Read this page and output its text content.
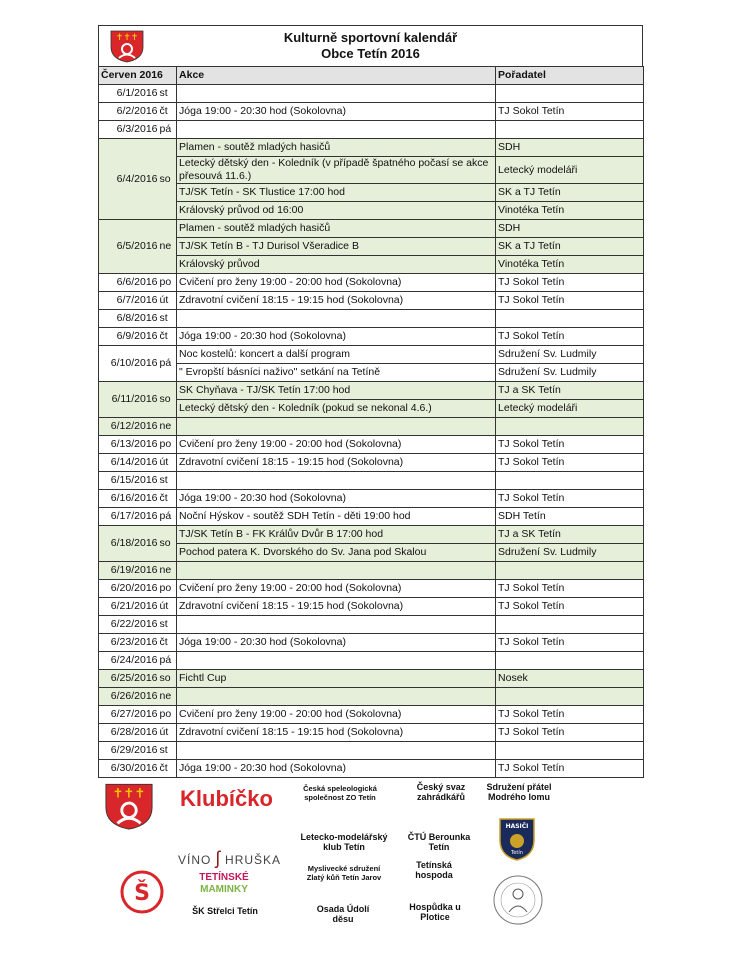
✝✝✝	Kulturně sportovní kalendář
Obce Tetín 2016
Červen 2016		Akce	Pořadatel
6/1/2016	st		
6/2/2016	čt	Jóga 19:00 - 20:30 hod (Sokolovna)	TJ Sokol Tetín
6/3/2016	pá		
6/4/2016	so	Plamen - soutěž mladých hasičů	SDH
		Letecký dětský den - Koledník (v případě špatného počasí se akce přesouvá 11.6.)	Letecký modeláři
		TJ/SK Tetín - SK Tlustice 17:00 hod	SK a TJ Tetín
		Královský průvod od 16:00	Vinotéka Tetín
6/5/2016	ne	Plamen - soutěž mladých hasičů	SDH
		TJ/SK Tetín B - TJ Durisol Všeradice B	SK a TJ Tetín
		Královský průvod	Vinotéka Tetín
6/6/2016	po	Cvičení pro ženy 19:00 - 20:00 hod (Sokolovna)	TJ Sokol Tetín
6/7/2016	út	Zdravotní cvičení 18:15 - 19:15 hod (Sokolovna)	TJ Sokol Tetín
6/8/2016	st		
6/9/2016	čt	Jóga 19:00 - 20:30 hod (Sokolovna)	TJ Sokol Tetín
6/10/2016	pá	Noc kostelů: koncert a další program	Sdružení Sv. Ludmily
		" Evropští básníci naživo" setkání na Tetíně	Sdružení Sv. Ludmily
6/11/2016	so	SK Chyňava - TJ/SK Tetín 17:00 hod	TJ a SK Tetín
		Letecký dětský den - Koledník (pokud se nekonal 4.6.)	Letecký modeláři
6/12/2016	ne		
6/13/2016	po	Cvičení pro ženy 19:00 - 20:00 hod (Sokolovna)	TJ Sokol Tetín
6/14/2016	út	Zdravotní cvičení 18:15 - 19:15 hod (Sokolovna)	TJ Sokol Tetín
6/15/2016	st		
6/16/2016	čt	Jóga 19:00 - 20:30 hod (Sokolovna)	TJ Sokol Tetín
6/17/2016	pá	Noční Hýskov - soutěž SDH Tetín - děti 19:00 hod	SDH Tetín
6/18/2016	so	TJ/SK Tetín B - FK Králův Dvůr B 17:00 hod	TJ a SK Tetín
		Pochod patera K. Dvorského do Sv. Jana pod Skalou	Sdružení Sv. Ludmily
6/19/2016	ne		
6/20/2016	po	Cvičení pro ženy 19:00 - 20:00 hod (Sokolovna)	TJ Sokol Tetín
6/21/2016	út	Zdravotní cvičení 18:15 - 19:15 hod (Sokolovna)	TJ Sokol Tetín
6/22/2016	st		
6/23/2016	čt	Jóga 19:00 - 20:30 hod (Sokolovna)	TJ Sokol Tetín
6/24/2016	pá		
6/25/2016	so	Fichtl Cup	Nosek
6/26/2016	ne		
6/27/2016	po	Cvičení pro ženy 19:00 - 20:00 hod (Sokolovna)	TJ Sokol Tetín
6/28/2016	út	Zdravotní cvičení 18:15 - 19:15 hod (Sokolovna)	TJ Sokol Tetín
6/29/2016	st		
6/30/2016	čt	Jóga 19:00 - 20:30 hod (Sokolovna)	TJ Sokol Tetín
✝✝✝ Klubíčko	Česká speleologická společnost ZO Tetín
Český svaz zahrádkářů
Sdružení přátel Modrého lomu
VÍNO ʃ HRUŠKA
Letecko-modelářský klub Tetín
ČTÚ Berounka Tetín
HASIČI
Tetín
Myslivecké sdružení Zlatý kůň Tetín Jarov
Tetínská hospoda
Š
TETÍNSKÉ
MAMINKY
ŠK Střelci Tetín	Osada Údolí děsu
Hospůdka u Plotice
